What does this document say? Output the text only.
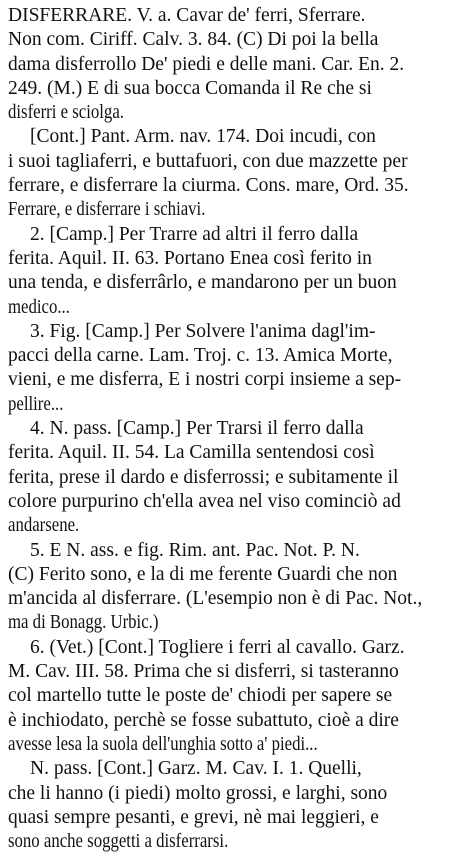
DISFERRARE. V. a. Cavar de' ferri, Sferrare.
Non com. Ciriff. Calv. 3. 84. (C) Di poi la bella
dama disferrollo De' piedi e delle mani. Car. En. 2.
249. (M.) E di sua bocca Comanda il Re che si
disferri e sciolga.
[Cont.] Pant. Arm. nav. 174. Doi incudi, con
i suoi tagliaferri, e buttafuori, con due mazzette per
ferrare, e disferrare la ciurma. Cons. mare, Ord. 35.
Ferrare, e disferrare i schiavi.
2. [Camp.] Per Trarre ad altri il ferro dalla
ferita. Aquil. II. 63. Portano Enea così ferito in
una tenda, e disferrârlo, e mandarono per un buon
medico...
3. Fig. [Camp.] Per Solvere l'anima dagl'im-
pacci della carne. Lam. Troj. c. 13. Amica Morte,
vieni, e me disferra, E i nostri corpi insieme a sep-
pellire...
4. N. pass. [Camp.] Per Trarsi il ferro dalla
ferita. Aquil. II. 54. La Camilla sentendosi così
ferita, prese il dardo e disferrossi; e subitamente il
colore purpurino ch'ella avea nel viso cominciò ad
andarsene.
5. E N. ass. e fig. Rim. ant. Pac. Not. P. N.
(C) Ferito sono, e la di me ferente Guardi che non
m'ancida al disferrare. (L'esempio non è di Pac. Not.,
ma di Bonagg. Urbic.)
6. (Vet.) [Cont.] Togliere i ferri al cavallo. Garz.
M. Cav. III. 58. Prima che si disferri, si tasteranno
col martello tutte le poste de' chiodi per sapere se
è inchiodato, perchè se fosse subattuto, cioè a dire
avesse lesa la suola dell'unghia sotto a' piedi...
N. pass. [Cont.] Garz. M. Cav. I. 1. Quelli,
che li hanno (i piedi) molto grossi, e larghi, sono
quasi sempre pesanti, e grevi, nè mai leggieri, e
sono anche soggetti a disferrarsi.
